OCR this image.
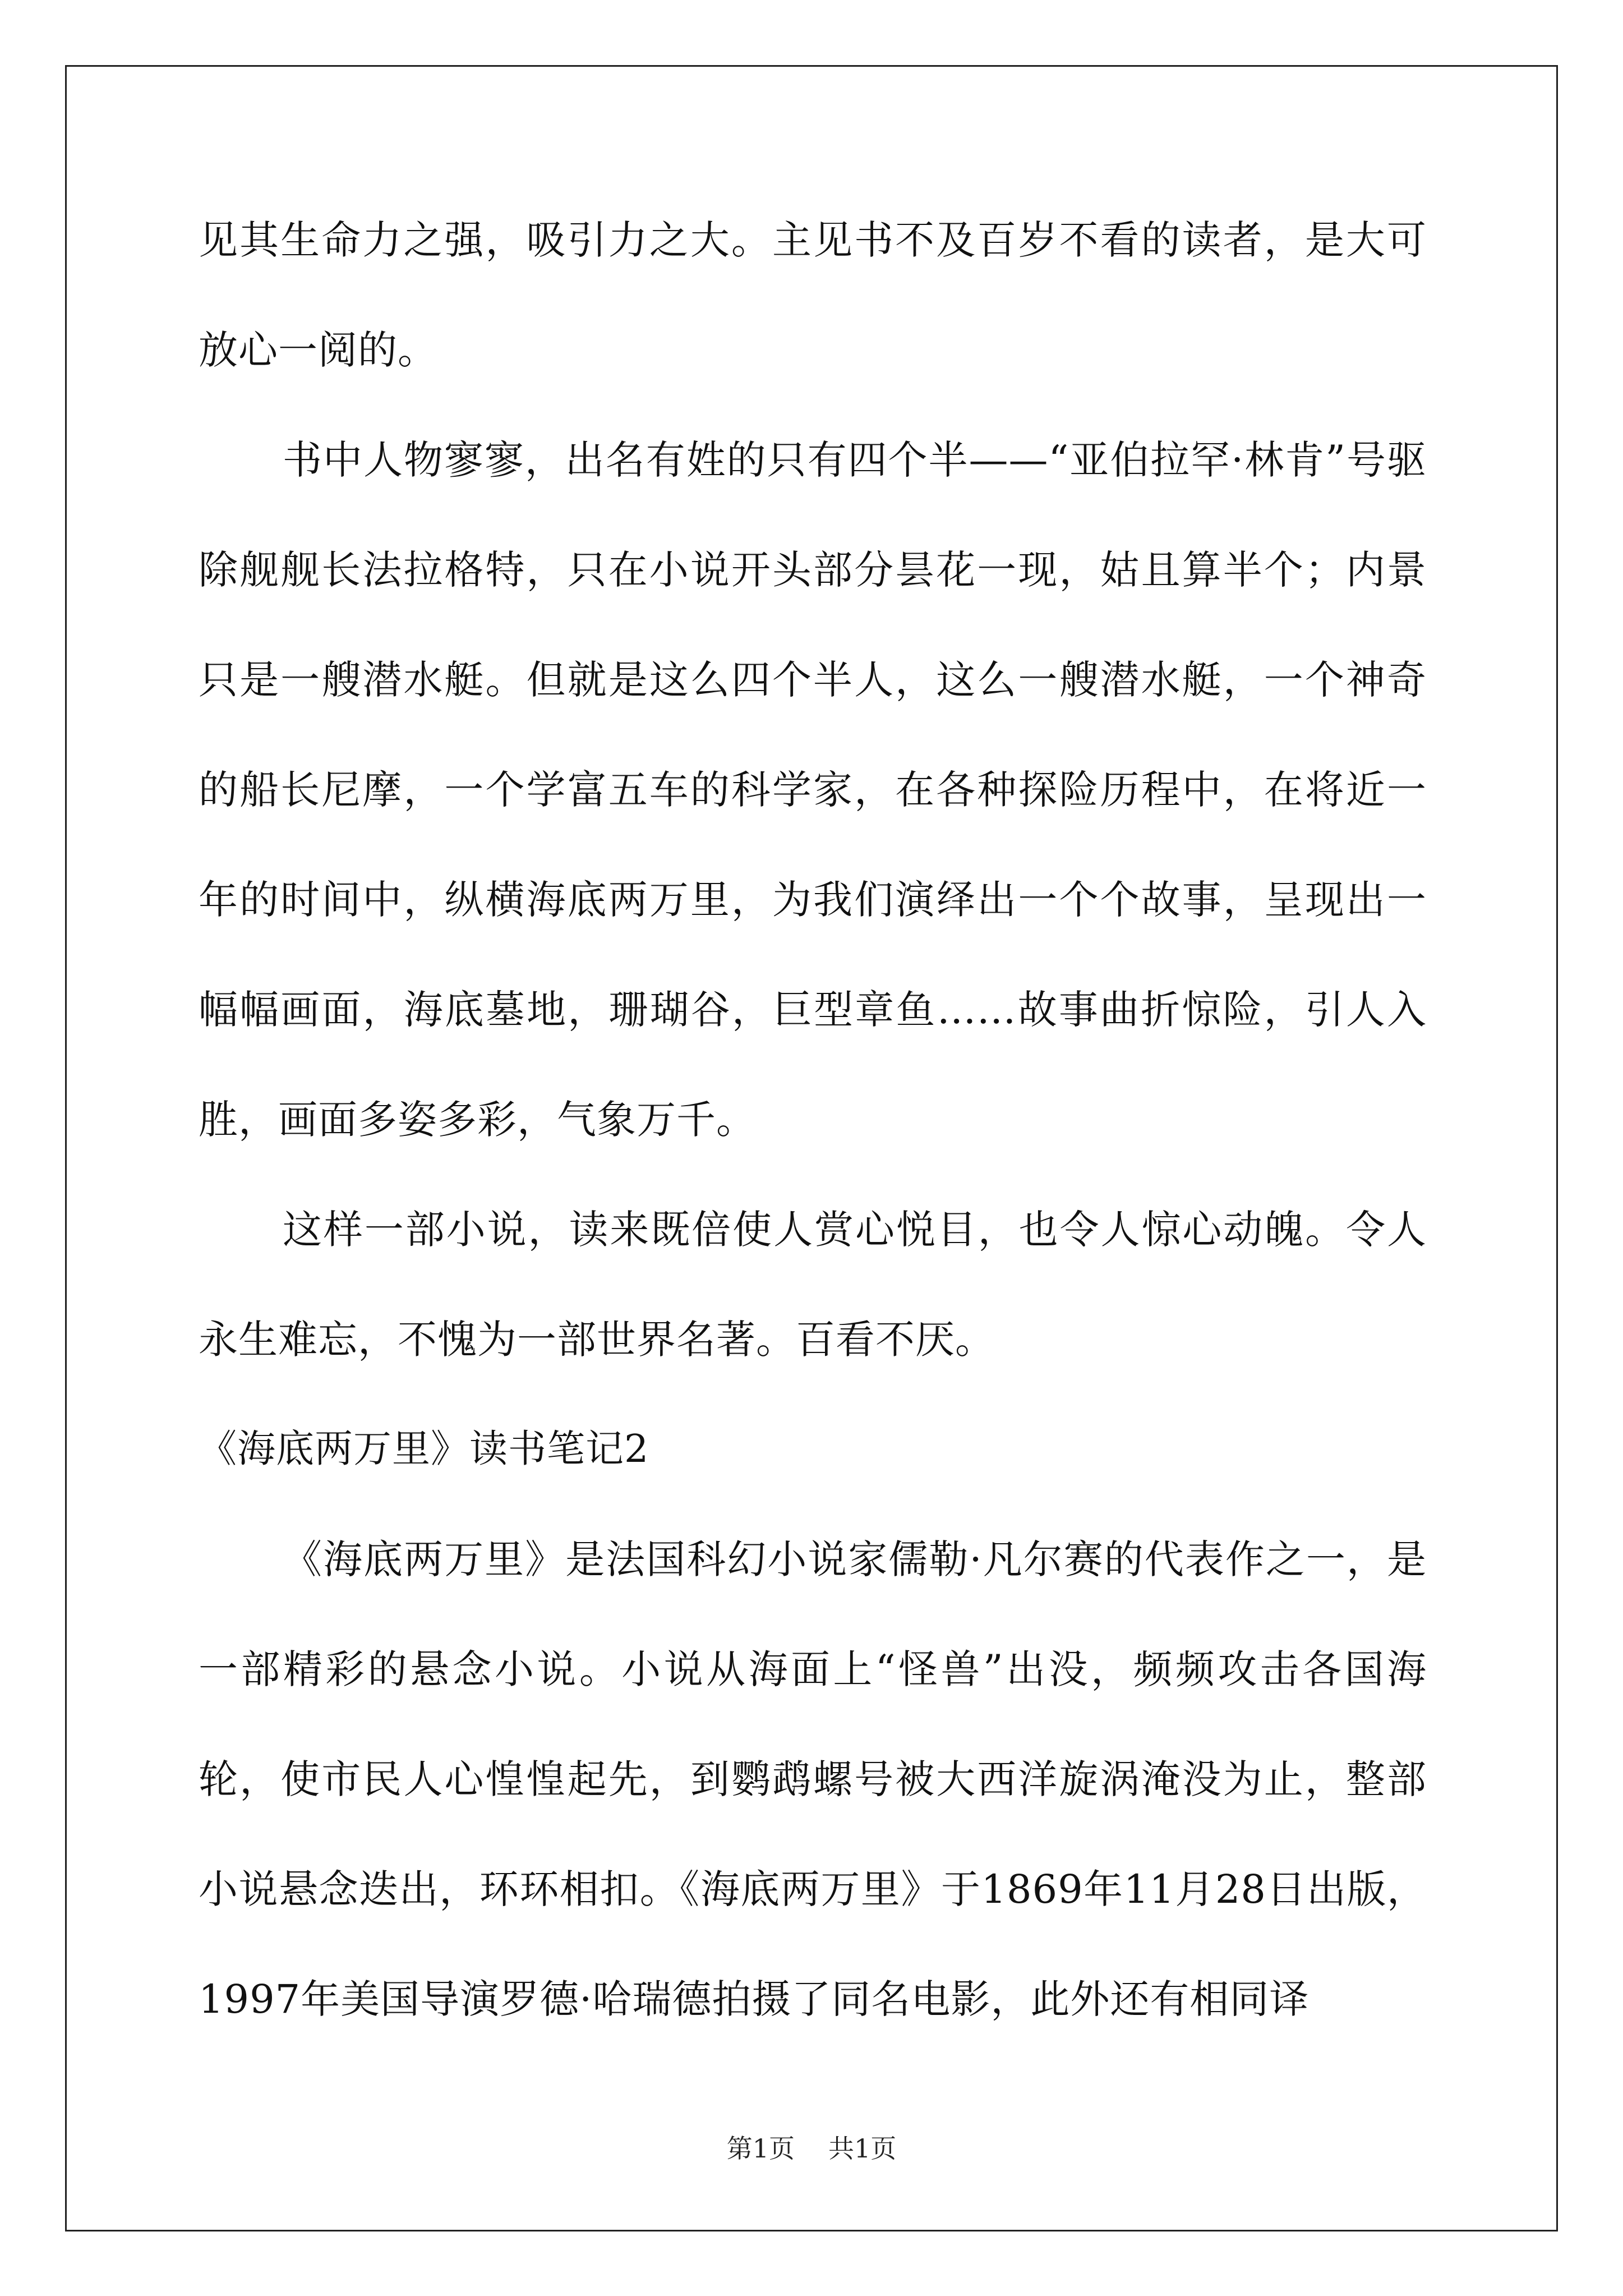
见其生命力之强，吸引力之大。主见书不及百岁不看的读者，是大可放心一阅的。

书中人物寥寥，出名有姓的只有四个半——“亚伯拉罕·林肯”号驱除舰舰长法拉格特，只在小说开头部分昙花一现，姑且算半个；内景只是一艘潜水艇。但就是这么四个半人，这么一艘潜水艇，一个神奇的船长尼摩，一个学富五车的科学家，在各种探险历程中，在将近一年的时间中，纵横海底两万里，为我们演绎出一个个故事，呈现出一幅幅画面，海底墓地，珊瑚谷，巨型章鱼……故事曲折惊险，引人入胜，画面多姿多彩，气象万千。

这样一部小说，读来既倍使人赏心悦目，也令人惊心动魄。令人永生难忘，不愧为一部世界名著。百看不厌。

《海底两万里》读书笔记2

《海底两万里》是法国科幻小说家儒勒·凡尔赛的代表作之一，是一部精彩的悬念小说。小说从海面上“怪兽”出没，频频攻击各国海轮，使市民人心惶惶起先，到鹦鹉螺号被大西洋旋涡淹没为止，整部小说悬念迭出，环环相扣。《海底两万里》于1869年11月28日出版，1997年美国导演罗德·哈瑞德拍摄了同名电影，此外还有相同译

第1页 共1页
